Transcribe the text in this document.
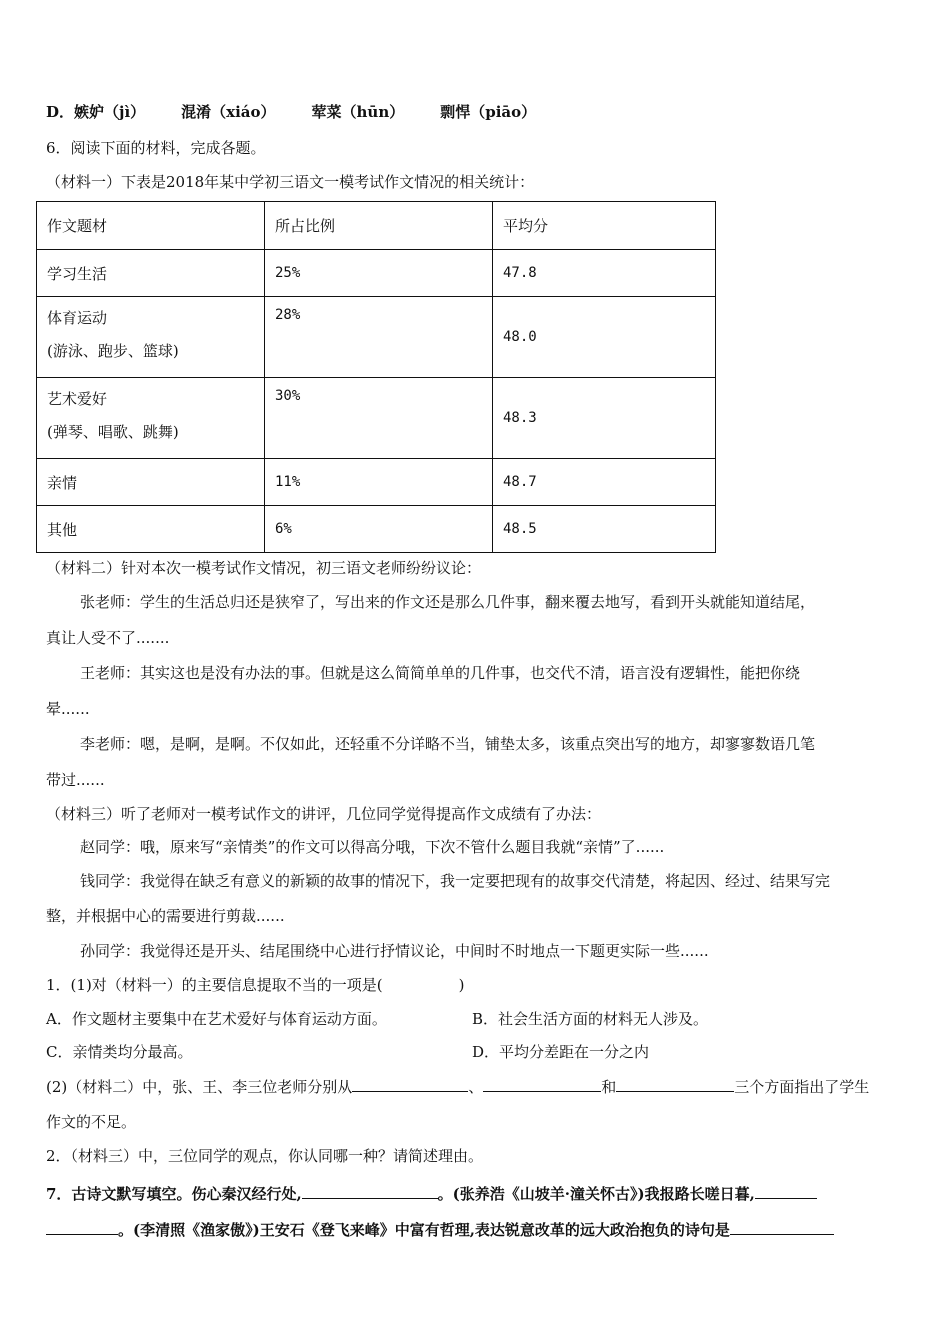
D．嫉妒（jì） 混淆（xiáo） 荤菜（hūn） 剽悍（piāo）
6．阅读下面的材料，完成各题。
（材料一）下表是2018年某中学初三语文一模考试作文情况的相关统计：
作文题材	所占比例	平均分
学习生活	25%	47.8
体育运动
(游泳、跑步、篮球)	28%	48.0
艺术爱好
(弹琴、唱歌、跳舞)	30%	48.3
亲情	11%	48.7
其他	6%	48.5
（材料二）针对本次一模考试作文情况，初三语文老师纷纷议论：
张老师：学生的生活总归还是狭窄了，写出来的作文还是那么几件事，翻来覆去地写，看到开头就能知道结尾，
真让人受不了.......
王老师：其实这也是没有办法的事。但就是这么简简单单的几件事，也交代不清，语言没有逻辑性，能把你绕
晕......
李老师：嗯，是啊，是啊。不仅如此，还轻重不分详略不当，铺垫太多，该重点突出写的地方，却寥寥数语几笔
带过......
（材料三）听了老师对一模考试作文的讲评，几位同学觉得提高作文成绩有了办法：
赵同学：哦，原来写“亲情类”的作文可以得高分哦，下次不管什么题目我就“亲情”了......
钱同学：我觉得在缺乏有意义的新颖的故事的情况下，我一定要把现有的故事交代清楚，将起因、经过、结果写完
整，并根据中心的需要进行剪裁......
孙同学：我觉得还是开头、结尾围绕中心进行抒情议论，中间时不时地点一下题更实际一些......
1．(1)对（材料一）的主要信息提取不当的一项是(	)
A．作文题材主要集中在艺术爱好与体育运动方面。	B．社会生活方面的材料无人涉及。
C．亲情类均分最高。	D．平均分差距在一分之内
(2)（材料二）中，张、王、李三位老师分别从	、	和	三个方面指出了学生
作文的不足。
2．（材料三）中，三位同学的观点，你认同哪一种？请简述理由。
7．古诗文默写填空。伤心秦汉经行处,	。(张养浩《山坡羊·潼关怀古》)我报路长嗟日暮,
。(李清照《渔家傲》)王安石《登飞来峰》中富有哲理,表达锐意改革的远大政治抱负的诗句是
